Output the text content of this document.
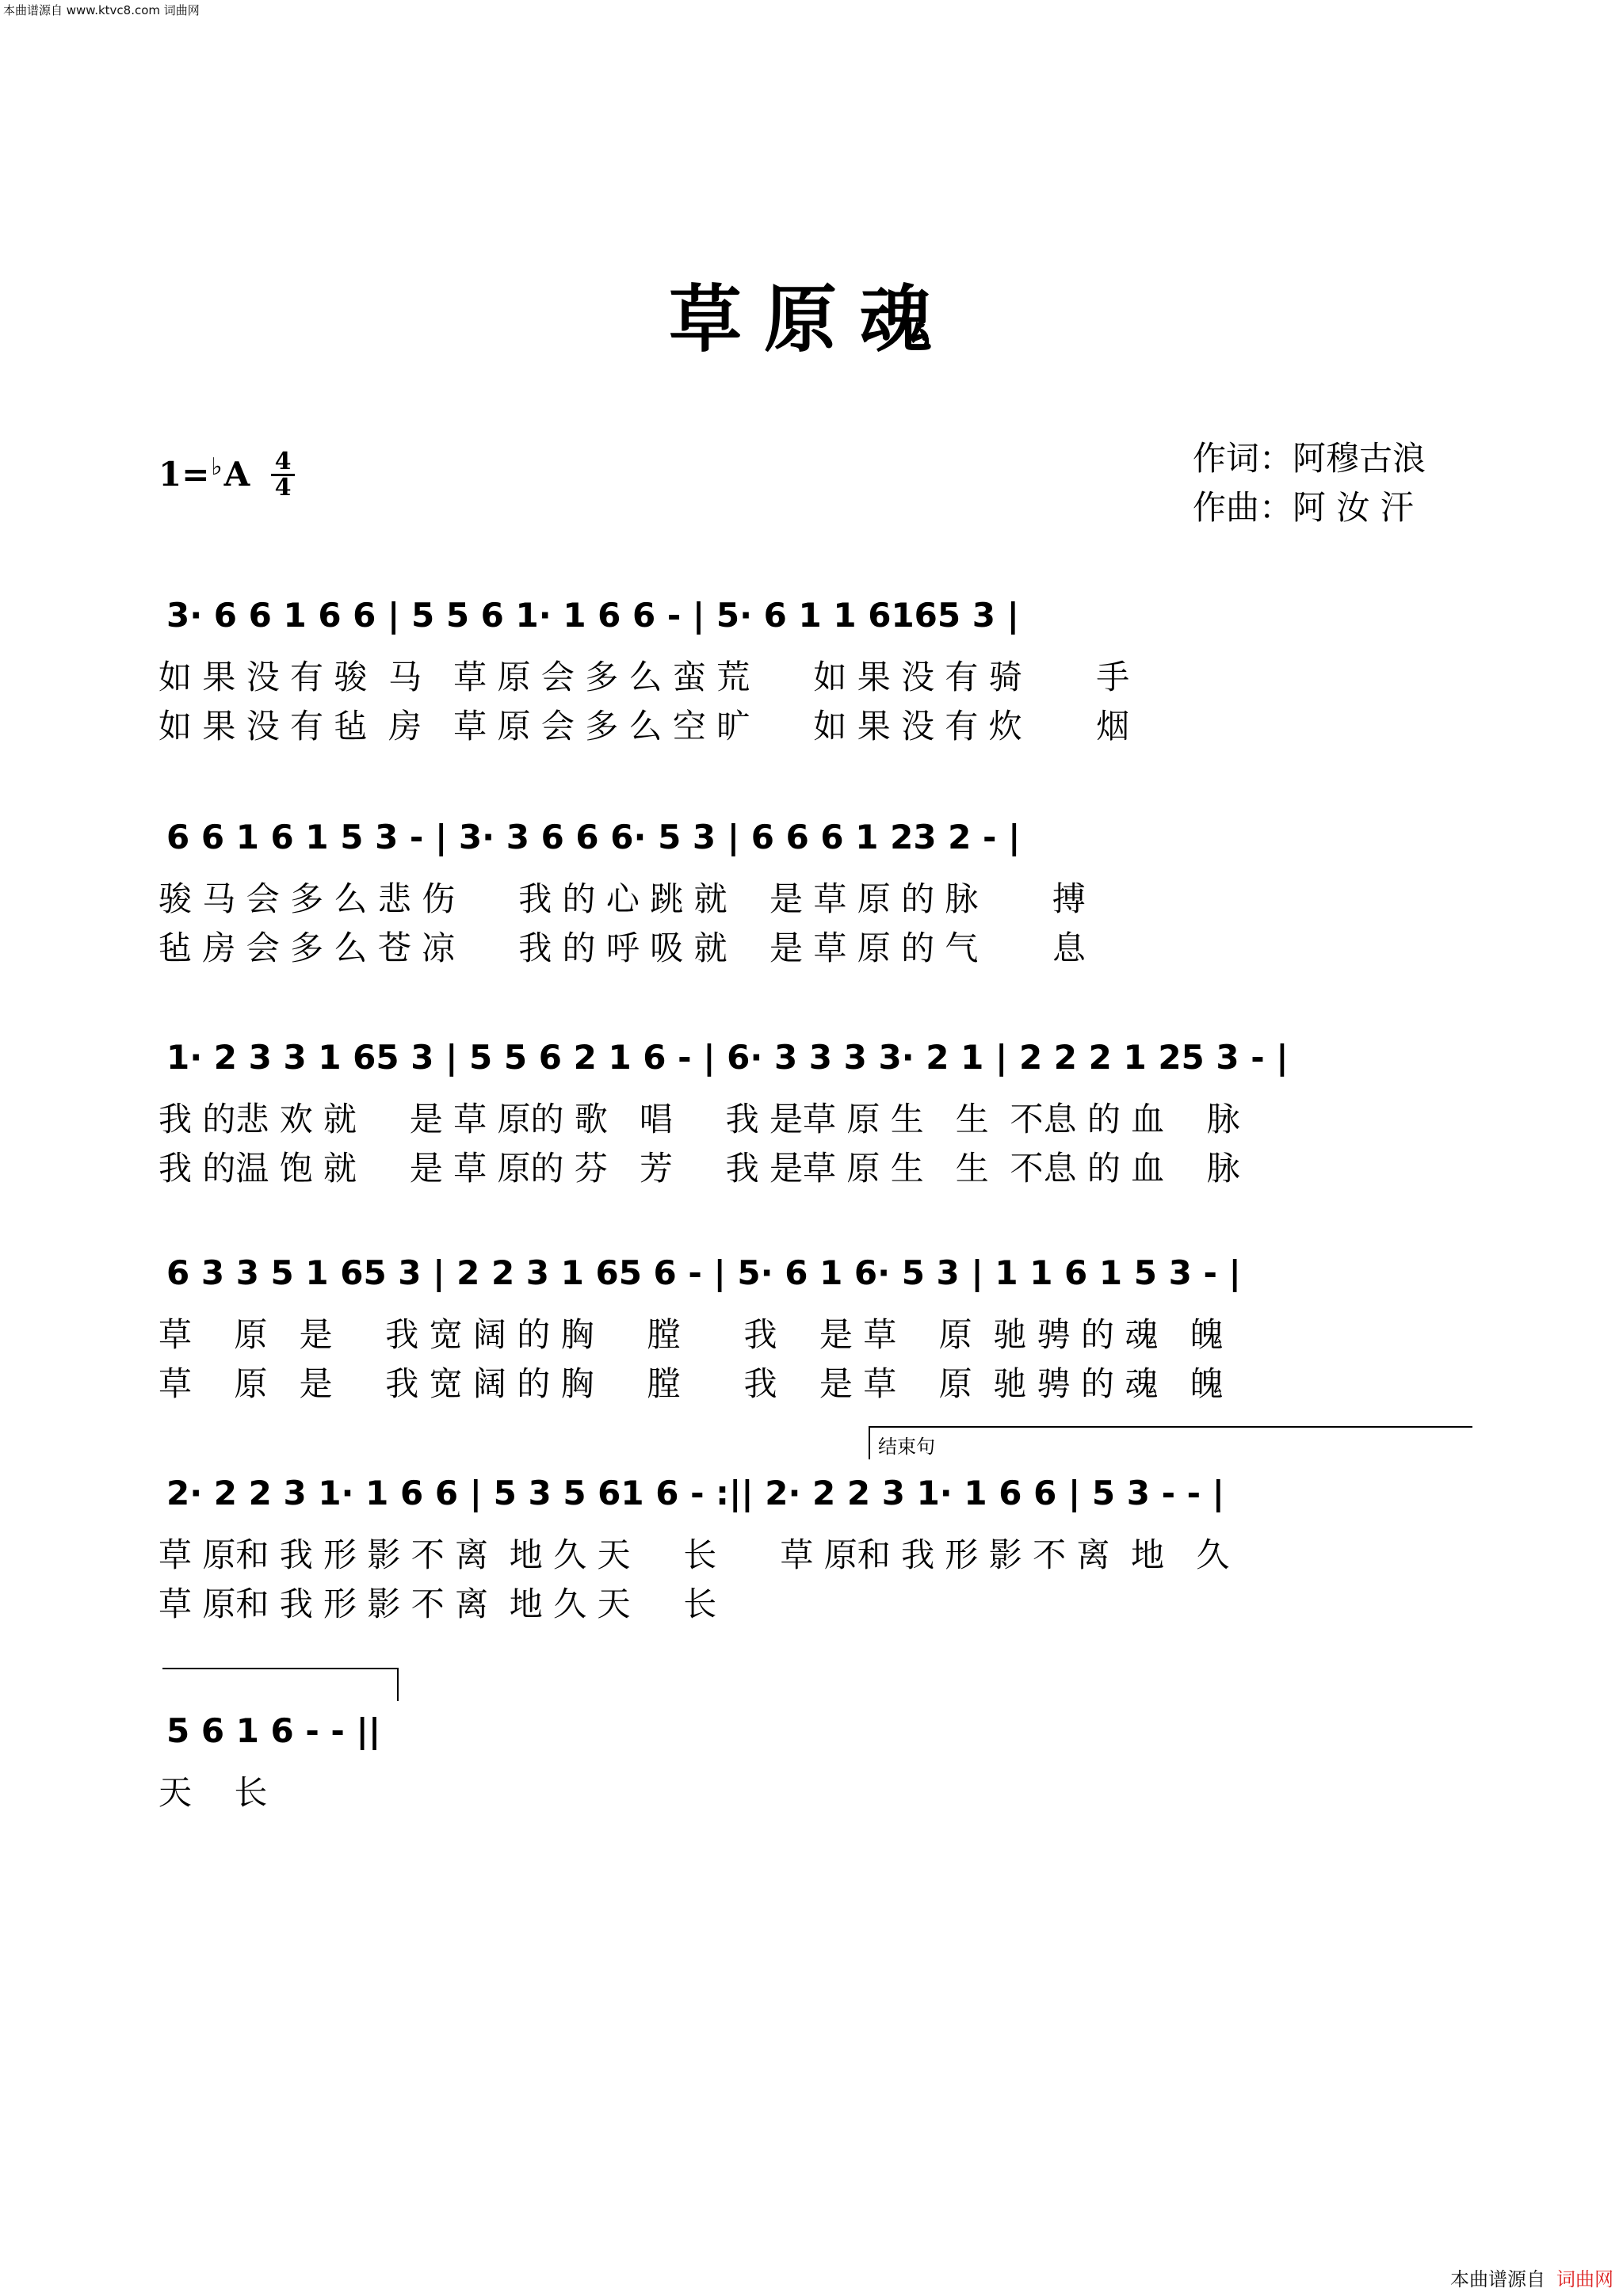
本曲谱源自 www.ktvc8.com 词曲网
草原魂
1=♭A 4
4
作词：阿穆古浪
作曲：阿 汝 汗
3· 6 6 1 6 6 | 5 5 6 1· 1 6 6 - | 5· 6 1 1 6165 3 |
如 果 没 有 骏  马   草 原 会 多 么 蛮 荒      如 果 没 有 骑       手
如 果 没 有 毡  房   草 原 会 多 么 空 旷      如 果 没 有 炊       烟
6 6 1 6 1 5 3 - | 3· 3 6 6 6· 5 3 | 6 6 6 1 23 2 - |
骏 马 会 多 么 悲 伤      我 的 心 跳 就    是 草 原 的 脉       搏
毡 房 会 多 么 苍 凉      我 的 呼 吸 就    是 草 原 的 气       息
1· 2 3 3 1 65 3 | 5 5 6 2 1 6 - | 6· 3 3 3 3· 2 1 | 2 2 2 1 25 3 - |
我 的悲 欢 就     是 草 原的 歌   唱     我 是草 原 生   生  不息 的 血    脉
我 的温 饱 就     是 草 原的 芬   芳     我 是草 原 生   生  不息 的 血    脉
6 3 3 5 1 65 3 | 2 2 3 1 65 6 - | 5· 6 1 6· 5 3 | 1 1 6 1 5 3 - |
草    原   是     我 宽 阔 的 胸     膛      我    是 草    原  驰 骋 的 魂   魄
草    原   是     我 宽 阔 的 胸     膛      我    是 草    原  驰 骋 的 魂   魄
结束句
2· 2 2 3 1· 1 6 6 | 5 3 5 61 6 - :|| 2· 2 2 3 1· 1 6 6 | 5 3 - - |
草 原和 我 形 影 不 离  地 久 天     长      草 原和 我 形 影 不 离  地   久
草 原和 我 形 影 不 离  地 久 天     长
5 6 1 6 - - ||
天    长
本曲谱源自 词曲网
